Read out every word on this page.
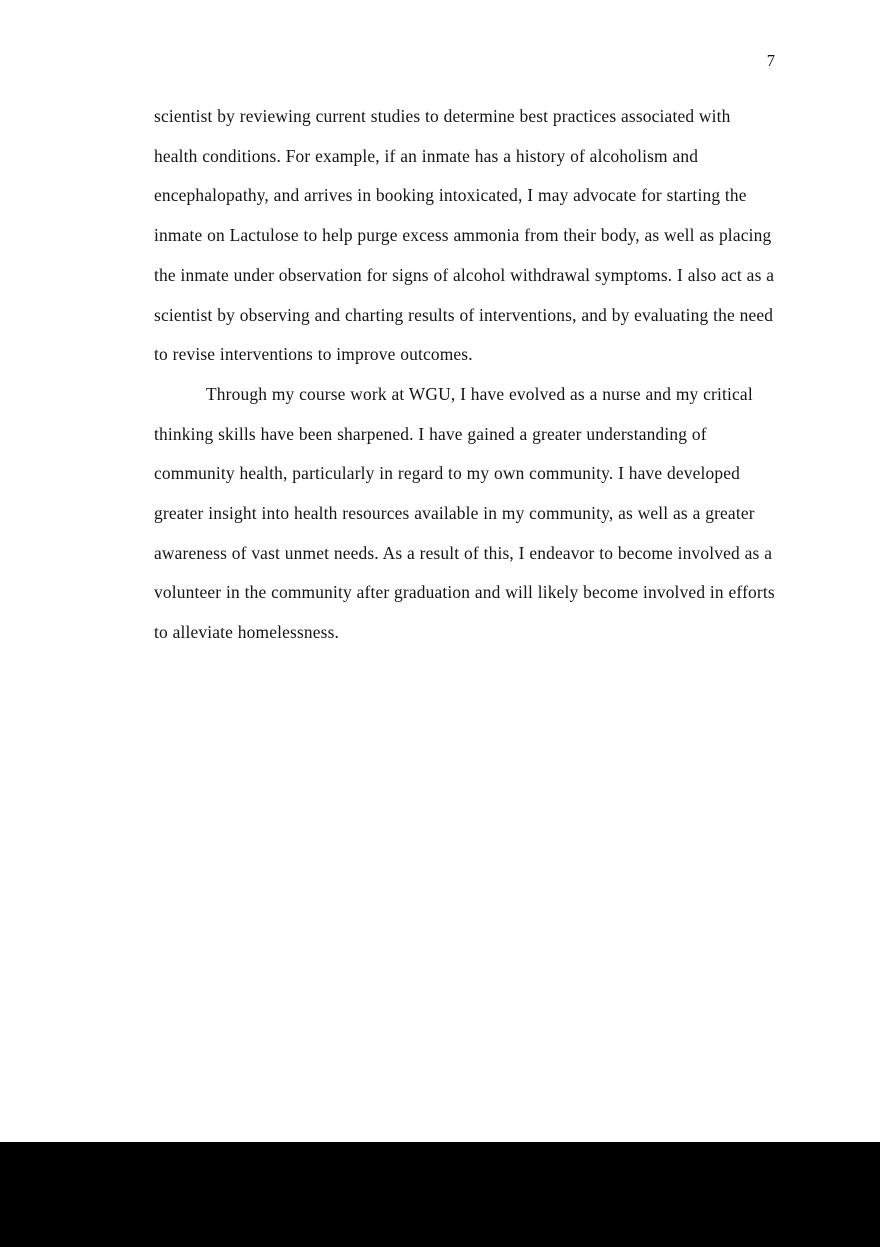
7

scientist by reviewing current studies to determine best practices associated with health conditions. For example, if an inmate has a history of alcoholism and encephalopathy, and arrives in booking intoxicated, I may advocate for starting the inmate on Lactulose to help purge excess ammonia from their body, as well as placing the inmate under observation for signs of alcohol withdrawal symptoms. I also act as a scientist by observing and charting results of interventions, and by evaluating the need to revise interventions to improve outcomes.

Through my course work at WGU, I have evolved as a nurse and my critical thinking skills have been sharpened. I have gained a greater understanding of community health, particularly in regard to my own community. I have developed greater insight into health resources available in my community, as well as a greater awareness of vast unmet needs. As a result of this, I endeavor to become involved as a volunteer in the community after graduation and will likely become involved in efforts to alleviate homelessness.
